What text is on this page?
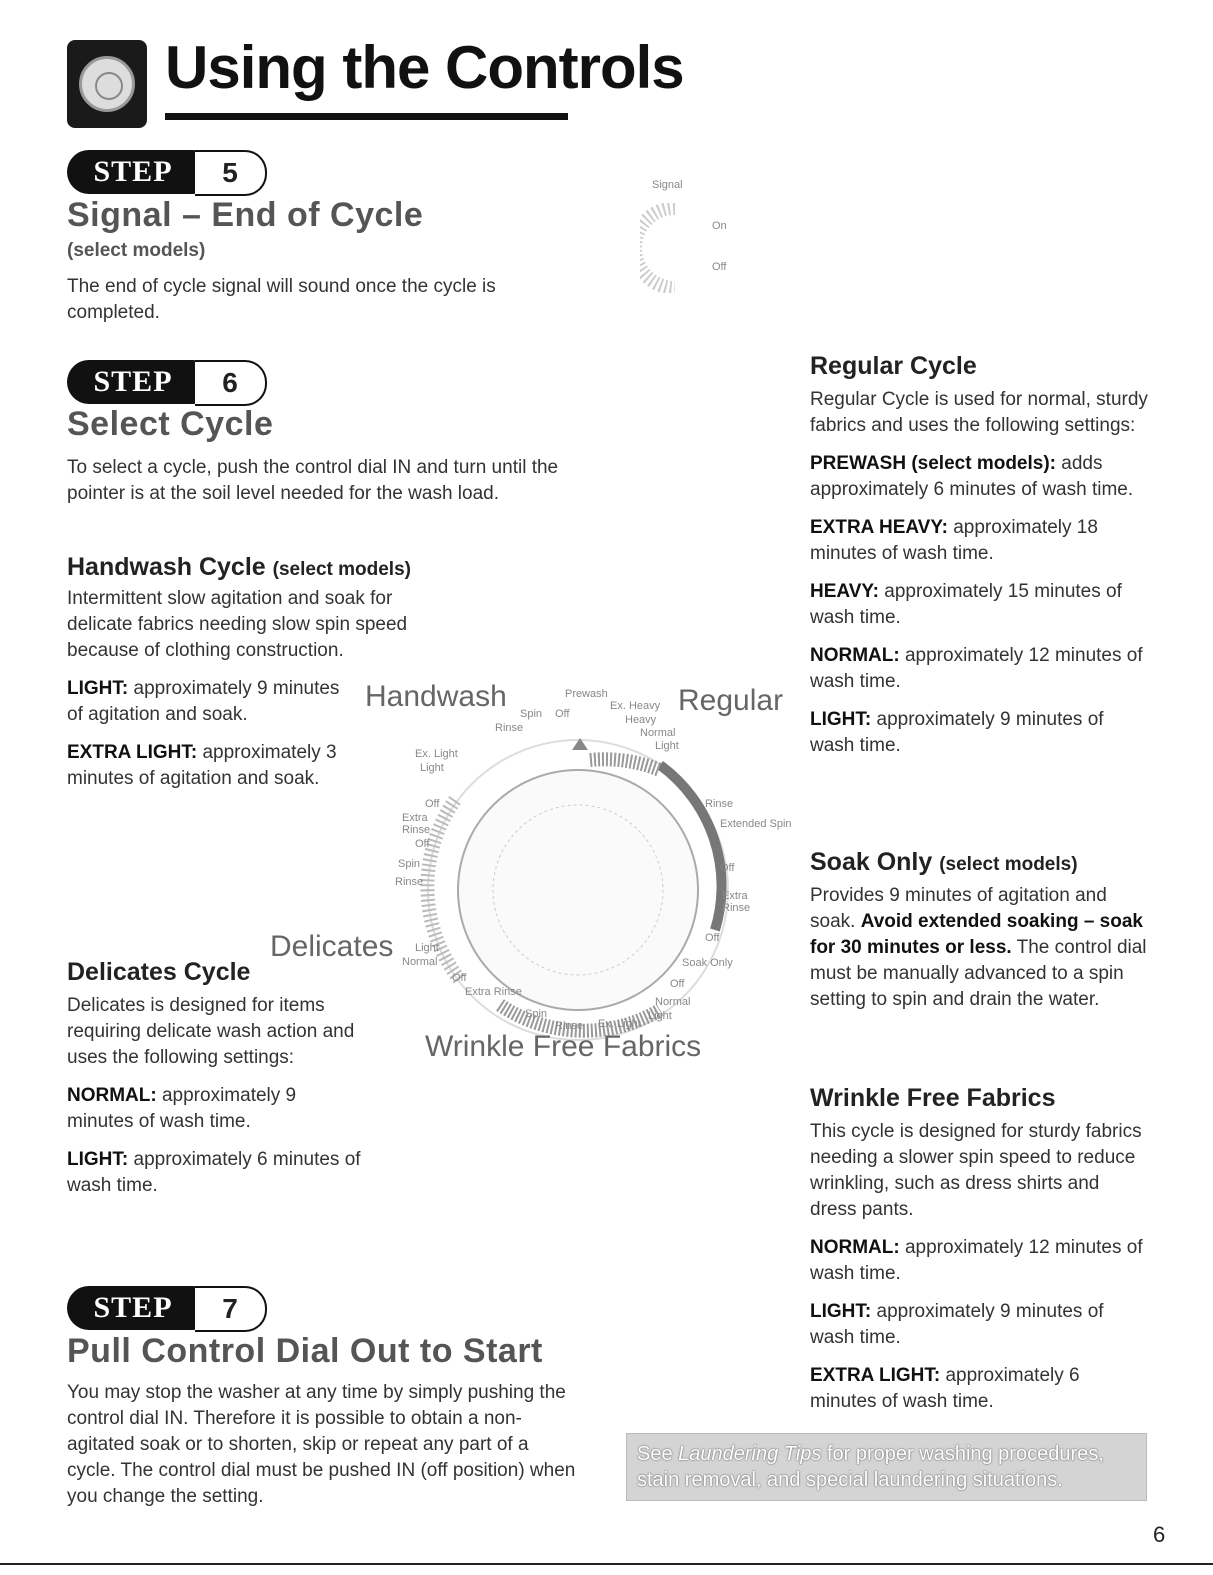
Using the Controls
STEP	5
Signal – End of Cycle
(select models)
The end of cycle signal will sound once the cycle is completed.
Signal
On
Off
STEP	6
Select Cycle
To select a cycle, push the control dial IN and turn until the pointer is at the soil level needed for the wash load.
Handwash Cycle (select models)
Intermittent slow agitation and soak for delicate fabrics needing slow spin speed because of clothing construction.
LIGHT: approximately 9 minutes of agitation and soak.
EXTRA LIGHT: approximately 3 minutes of agitation and soak.
Delicates Cycle
Delicates is designed for items requiring delicate wash action and uses the following settings:
NORMAL: approximately 9 minutes of wash time.
LIGHT: approximately 6 minutes of wash time.
Handwash	Regular
Delicates
Wrinkle Free Fabrics
Prewash
Ex. Heavy
Heavy
Normal
Light
Rinse
Extended Spin
Off
Extra Rinse
Off
Soak Only
Normal
Off
Spin Off
Rinse
Ex. Light
Light
Off
Extra Rinse
Off
Spin
Rinse
Light
Normal
Off
Extra Rinse
Spin
Rinse Ex. Light
Light
Regular Cycle
Regular Cycle is used for normal, sturdy fabrics and uses the following settings:
PREWASH (select models): adds approximately 6 minutes of wash time.
EXTRA HEAVY: approximately 18 minutes of wash time.
HEAVY: approximately 15 minutes of wash time.
NORMAL: approximately 12 minutes of wash time.
LIGHT: approximately 9 minutes of wash time.
Soak Only (select models)
Provides 9 minutes of agitation and soak. Avoid extended soaking – soak for 30 minutes or less. The control dial must be manually advanced to a spin setting to spin and drain the water.
Wrinkle Free Fabrics
This cycle is designed for sturdy fabrics needing a slower spin speed to reduce wrinkling, such as dress shirts and dress pants.
NORMAL: approximately 12 minutes of wash time.
LIGHT: approximately 9 minutes of wash time.
EXTRA LIGHT: approximately 6 minutes of wash time.
STEP	7
Pull Control Dial Out to Start
You may stop the washer at any time by simply pushing the control dial IN. Therefore it is possible to obtain a non-agitated soak or to shorten, skip or repeat any part of a cycle. The control dial must be pushed IN (off position) when you change the setting.
See Laundering Tips for proper washing procedures, stain removal, and special laundering situations.
6
